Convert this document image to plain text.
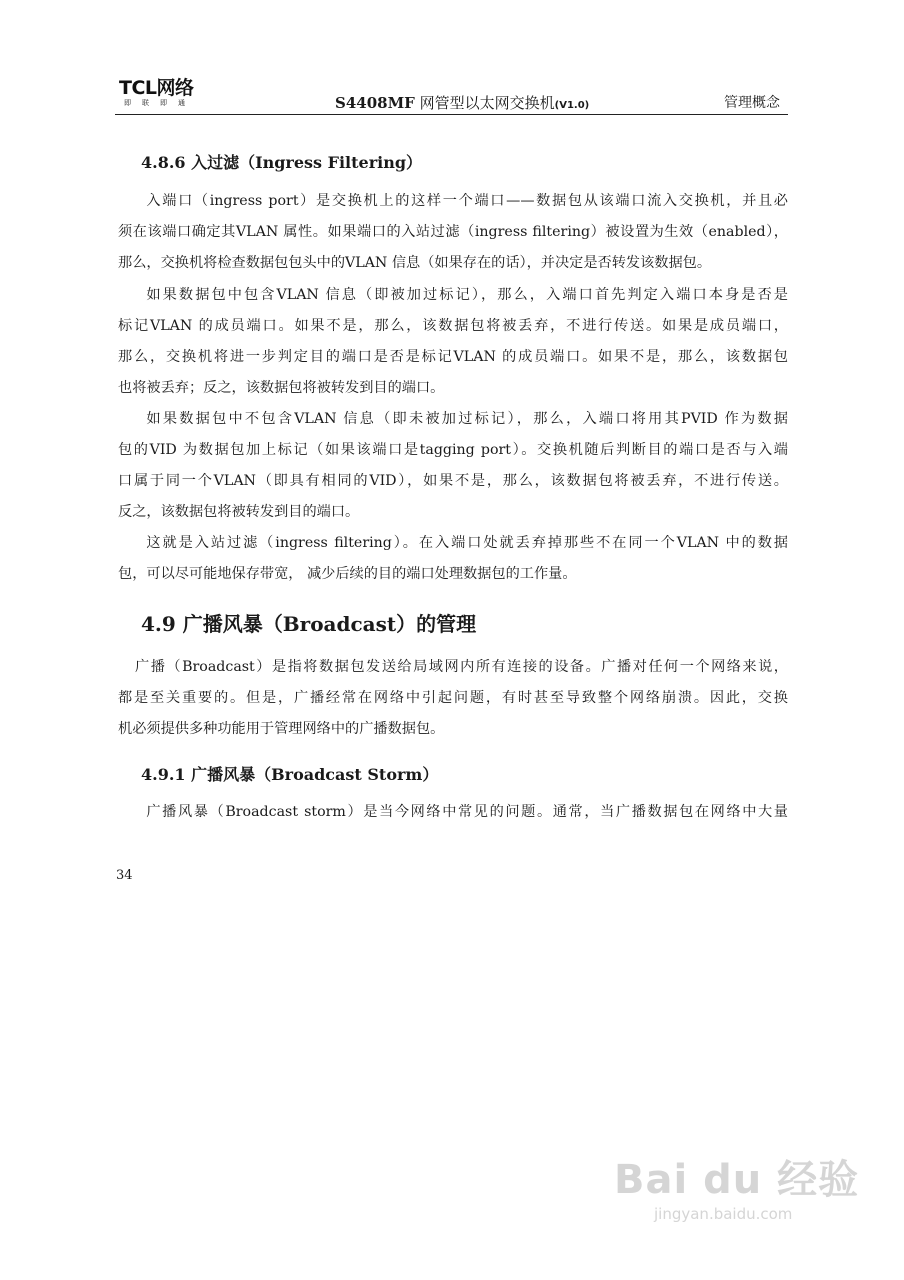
TCL网络
即联即通	S4408MF 网管型以太网交换机(V1.0)	管理概念
4.8.6 入过滤（Ingress Filtering）
入端口（ingress port）是交换机上的这样一个端口——数据包从该端口流入交换机，并且必
须在该端口确定其VLAN 属性。如果端口的入站过滤（ingress filtering）被设置为生效（enabled），
那么，交换机将检查数据包包头中的VLAN 信息（如果存在的话），并决定是否转发该数据包。
如果数据包中包含VLAN 信息（即被加过标记），那么，入端口首先判定入端口本身是否是
标记VLAN 的成员端口。如果不是，那么，该数据包将被丢弃，不进行传送。如果是成员端口，
那么，交换机将进一步判定目的端口是否是标记VLAN 的成员端口。如果不是，那么，该数据包
也将被丢弃；反之，该数据包将被转发到目的端口。
如果数据包中不包含VLAN 信息（即未被加过标记），那么，入端口将用其PVID 作为数据
包的VID 为数据包加上标记（如果该端口是tagging port）。交换机随后判断目的端口是否与入端
口属于同一个VLAN（即具有相同的VID），如果不是，那么，该数据包将被丢弃，不进行传送。
反之，该数据包将被转发到目的端口。
这就是入站过滤（ingress filtering）。在入端口处就丢弃掉那些不在同一个VLAN 中的数据
包，可以尽可能地保存带宽， 减少后续的目的端口处理数据包的工作量。
4.9 广播风暴（Broadcast）的管理
广播（Broadcast）是指将数据包发送给局域网内所有连接的设备。广播对任何一个网络来说，
都是至关重要的。但是，广播经常在网络中引起问题，有时甚至导致整个网络崩溃。因此，交换
机必须提供多种功能用于管理网络中的广播数据包。
4.9.1 广播风暴（Broadcast Storm）
广播风暴（Broadcast storm）是当今网络中常见的问题。通常，当广播数据包在网络中大量
34
Bai du 经验
jingyan.baidu.com
